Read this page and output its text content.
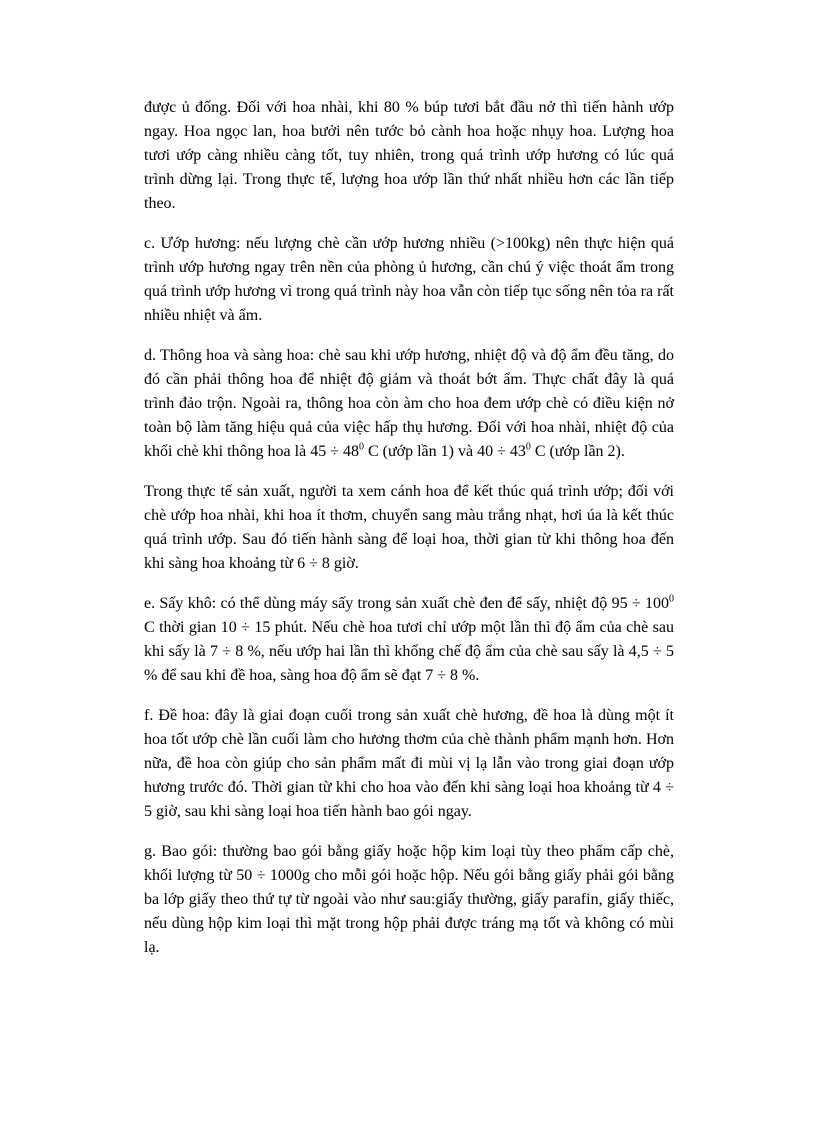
được ủ đống. Đối với hoa nhài, khi 80 % búp tươi bắt đầu nở thì tiến hành ướp ngay. Hoa ngọc lan, hoa bưởi nên tước bỏ cành hoa hoặc nhụy hoa. Lượng hoa tươi ướp càng nhiều càng tốt, tuy nhiên, trong quá trình ướp hương có lúc quá trình dừng lại. Trong thực tế, lượng hoa ướp lần thứ nhất nhiều hơn các lần tiếp theo.

c. Ướp hương: nếu lượng chè cần ướp hương nhiều (>100kg) nên thực hiện quá trình ướp hương ngay trên nền của phòng ủ hương, cần chú ý việc thoát ẩm trong quá trình ướp hương vì trong quá trình này hoa vẫn còn tiếp tục sống nên tỏa ra rất nhiều nhiệt và ẩm.

d. Thông hoa và sàng hoa: chè sau khi ướp hương, nhiệt độ và độ ẩm đều tăng, do đó cần phải thông hoa để nhiệt độ giảm và thoát bớt ẩm. Thực chất đây là quá trình đảo trộn. Ngoài ra, thông hoa còn àm cho hoa đem ướp chè có điều kiện nở toàn bộ làm tăng hiệu quả của việc hấp thụ hương. Đối với hoa nhài, nhiệt độ của khối chè khi thông hoa là $45 \div 48^0$ C (ướp lần 1) và $40 \div 43^0$ C (ướp lần 2).

Trong thực tế sản xuất, người ta xem cánh hoa để kết thúc quá trình ướp; đối với chè ướp hoa nhài, khi hoa ít thơm, chuyển sang màu trắng nhạt, hơi úa là kết thúc quá trình ướp. Sau đó tiến hành sàng để loại hoa, thời gian từ khi thông hoa đến khi sàng hoa khoảng từ 6 ÷ 8 giờ.

e. Sấy khô: có thể dùng máy sấy trong sản xuất chè đen để sấy, nhiệt độ $95 \div 100^0$ C thời gian 10 ÷ 15 phút. Nếu chè hoa tươi chỉ ướp một lần thì độ ẩm của chè sau khi sấy là 7 ÷ 8 %, nếu ướp hai lần thì khống chế độ ẩm của chè sau sấy là 4,5 ÷ 5 % để sau khi đề hoa, sàng hoa độ ẩm sẽ đạt 7 ÷ 8 %.

f. Đề hoa: đây là giai đoạn cuối trong sản xuất chè hương, đề hoa là dùng một ít hoa tốt ướp chè lần cuối làm cho hương thơm của chè thành phẩm mạnh hơn. Hơn nữa, đề hoa còn giúp cho sản phẩm mất đi mùi vị lạ lẫn vào trong giai đoạn ướp hương trước đó. Thời gian từ khi cho hoa vào đến khi sàng loại hoa khoảng từ 4 ÷ 5 giờ, sau khi sàng loại hoa tiến hành bao gói ngay.

g. Bao gói: thường bao gói bằng giấy hoặc hộp kim loại tùy theo phẩm cấp chè, khối lượng từ 50 ÷ 1000g cho mỗi gói hoặc hộp. Nếu gói bằng giấy phải gói bằng ba lớp giấy theo thứ tự từ ngoài vào như sau:giấy thường, giấy parafin, giấy thiếc, nếu dùng hộp kim loại thì mặt trong hộp phải được tráng mạ tốt và không có mùi lạ.
